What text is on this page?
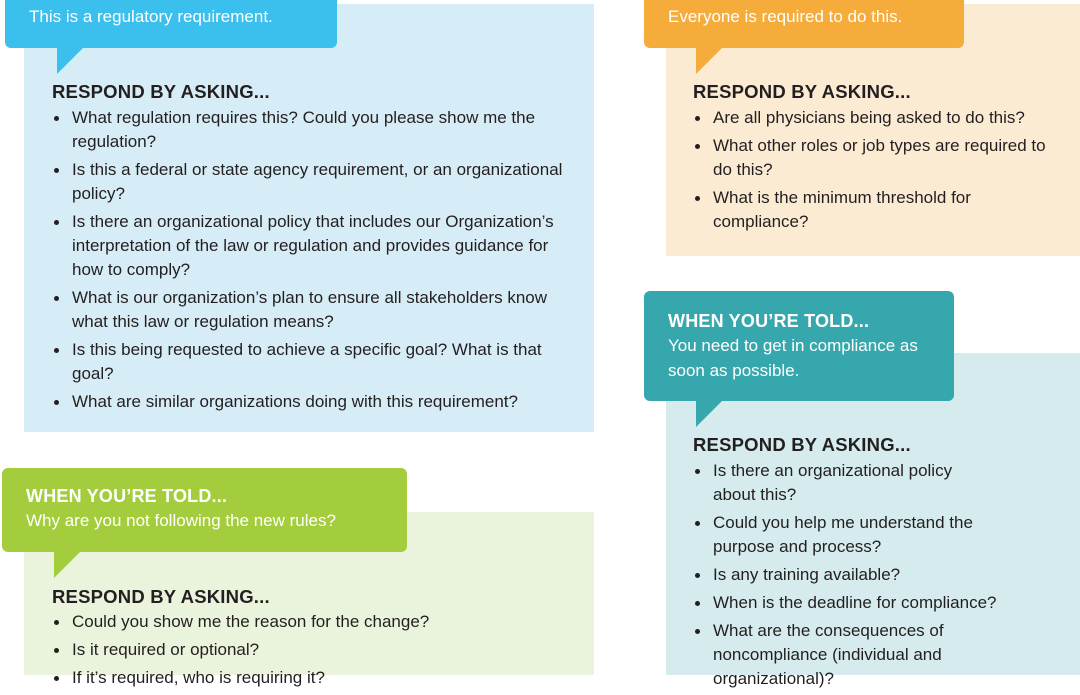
This is a regulatory requirement.
RESPOND BY ASKING...
What regulation requires this? Could you please show me the regulation?
Is this a federal or state agency requirement, or an organizational policy?
Is there an organizational policy that includes our Organization’s interpretation of the law or regulation and provides guidance for how to comply?
What is our organization’s plan to ensure all stakeholders know what this law or regulation means?
Is this being requested to achieve a specific goal? What is that goal?
What are similar organizations doing with this requirement?
Everyone is required to do this.
RESPOND BY ASKING...
Are all physicians being asked to do this?
What other roles or job types are required to do this?
What is the minimum threshold for compliance?
WHEN YOU’RE TOLD...
You need to get in compliance as soon as possible.
RESPOND BY ASKING...
Is there an organizational policy about this?
Could you help me understand the purpose and process?
Is any training available?
When is the deadline for compliance?
What are the consequences of noncompliance (individual and organizational)?
WHEN YOU’RE TOLD...
Why are you not following the new rules?
RESPOND BY ASKING...
Could you show me the reason for the change?
Is it required or optional?
If it’s required, who is requiring it?
